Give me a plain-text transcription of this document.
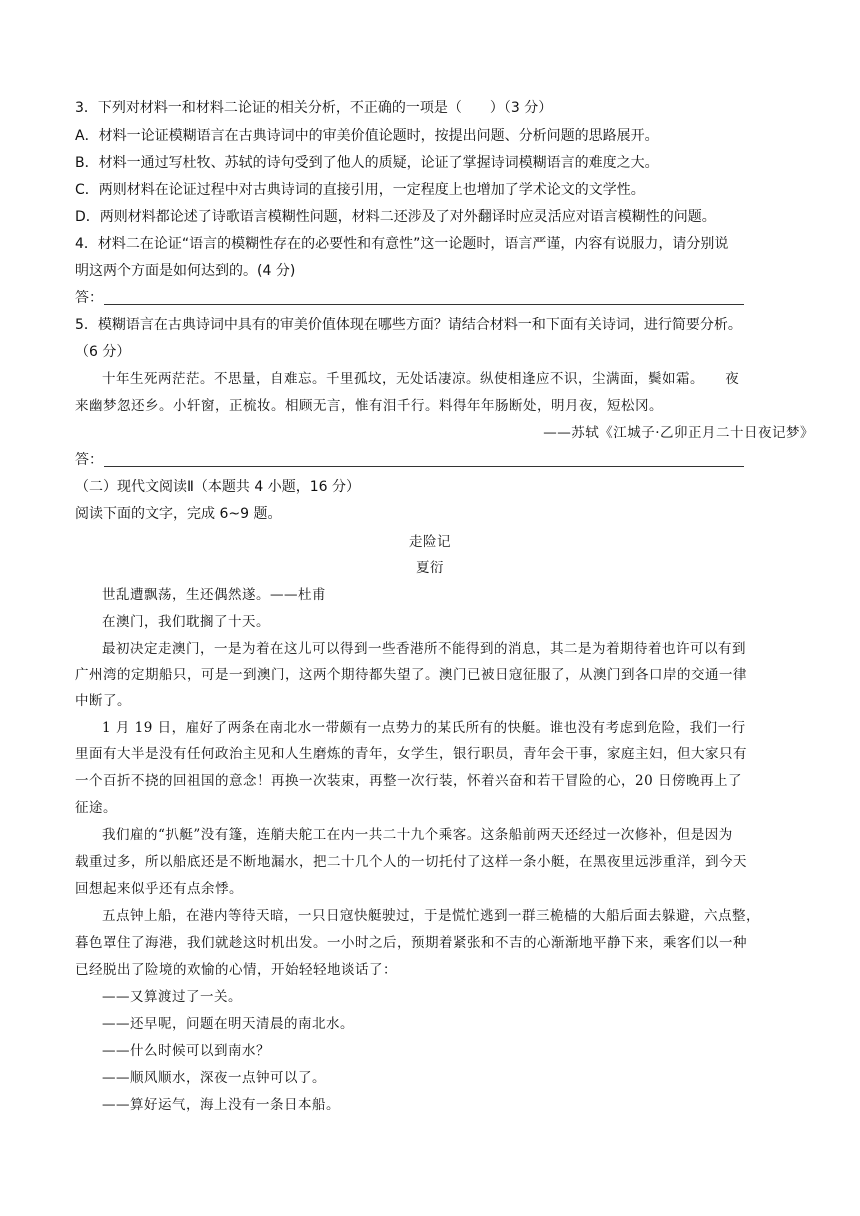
3．下列对材料一和材料二论证的相关分析，不正确的一项是（　　）（3 分）
A．材料一论证模糊语言在古典诗词中的审美价值论题时，按提出问题、分析问题的思路展开。
B．材料一通过写杜牧、苏轼的诗句受到了他人的质疑，论证了掌握诗词模糊语言的难度之大。
C．两则材料在论证过程中对古典诗词的直接引用，一定程度上也增加了学术论文的文学性。
D．两则材料都论述了诗歌语言模糊性问题，材料二还涉及了对外翻译时应灵活应对语言模糊性的问题。
4．材料二在论证“语言的模糊性存在的必要性和有意性”这一论题时，语言严谨，内容有说服力，请分别说
明这两个方面是如何达到的。(4 分)
答：
5．模糊语言在古典诗词中具有的审美价值体现在哪些方面？请结合材料一和下面有关诗词，进行简要分析。
（6 分）
十年生死两茫茫。不思量，自难忘。千里孤坟，无处话凄凉。纵使相逢应不识，尘满面，鬓如霜。　　夜
来幽梦忽还乡。小轩窗，正梳妆。相顾无言，惟有泪千行。料得年年肠断处，明月夜，短松冈。
——苏轼《江城子·乙卯正月二十日夜记梦》
答：
（二）现代文阅读Ⅱ（本题共 4 小题，16 分）
阅读下面的文字，完成 6~9 题。
走险记
夏衍
世乱遭飘荡，生还偶然遂。——杜甫
在澳门，我们耽搁了十天。
最初决定走澳门，一是为着在这儿可以得到一些香港所不能得到的消息，其二是为着期待着也许可以有到
广州湾的定期船只，可是一到澳门，这两个期待都失望了。澳门已被日寇征服了，从澳门到各口岸的交通一律
中断了。
1 月 19 日，雇好了两条在南北水一带颇有一点势力的某氏所有的快艇。谁也没有考虑到危险，我们一行
里面有大半是没有任何政治主见和人生磨炼的青年，女学生，银行职员，青年会干事，家庭主妇，但大家只有
一个百折不挠的回祖国的意念！再换一次装束，再整一次行装，怀着兴奋和若干冒险的心，20 日傍晚再上了
征途。
我们雇的“扒艇”没有篷，连艄夫舵工在内一共二十九个乘客。这条船前两天还经过一次修补，但是因为
载重过多，所以船底还是不断地漏水，把二十几个人的一切托付了这样一条小艇，在黑夜里远涉重洋，到今天
回想起来似乎还有点余悸。
五点钟上船，在港内等待天暗，一只日寇快艇驶过，于是慌忙逃到一群三桅樯的大船后面去躲避，六点整，
暮色罩住了海港，我们就趁这时机出发。一小时之后，预期着紧张和不吉的心渐渐地平静下来，乘客们以一种
已经脱出了险境的欢愉的心情，开始轻轻地谈话了：
——又算渡过了一关。
——还早呢，问题在明天清晨的南北水。
——什么时候可以到南水？
——顺风顺水，深夜一点钟可以了。
——算好运气，海上没有一条日本船。
